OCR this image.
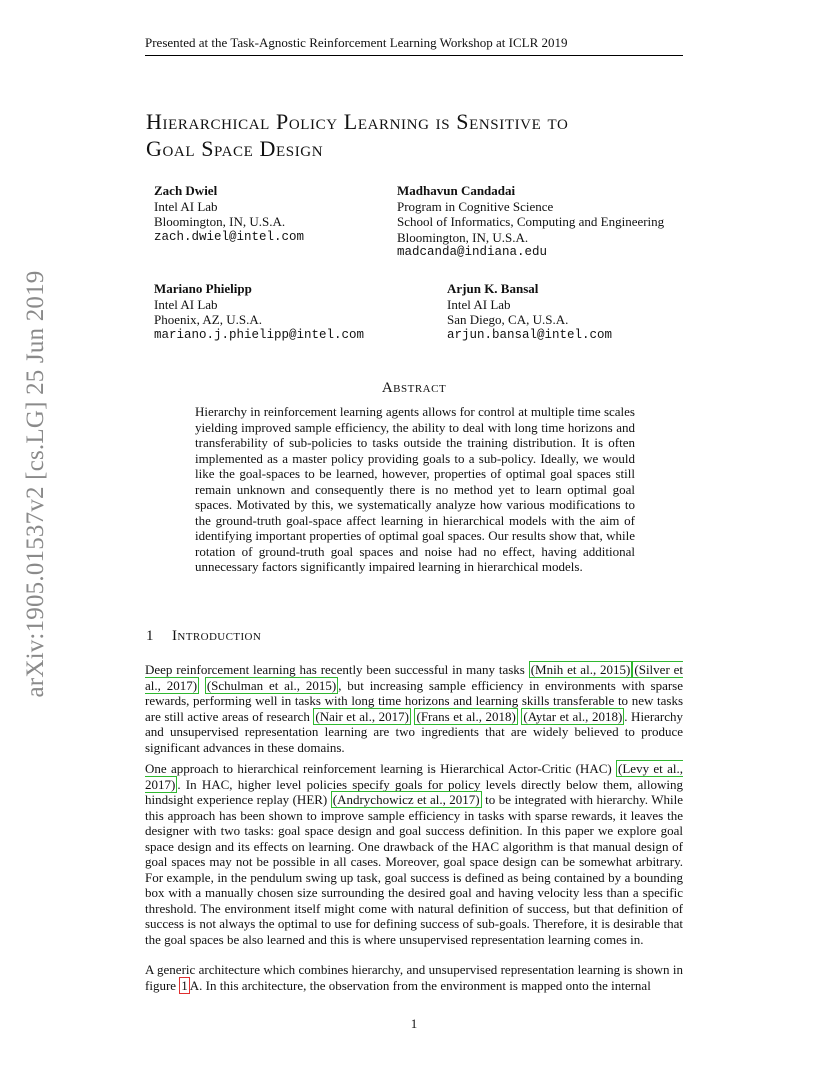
Presented at the Task-Agnostic Reinforcement Learning Workshop at ICLR 2019
arXiv:1905.01537v2 [cs.LG] 25 Jun 2019
Hierarchical Policy Learning is Sensitive to
Goal Space Design
Zach Dwiel
Intel AI Lab
Bloomington, IN, U.S.A.
zach.dwiel@intel.com
Madhavun Candadai
Program in Cognitive Science
School of Informatics, Computing and Engineering
Bloomington, IN, U.S.A.
madcanda@indiana.edu
Mariano Phielipp
Intel AI Lab
Phoenix, AZ, U.S.A.
mariano.j.phielipp@intel.com
Arjun K. Bansal
Intel AI Lab
San Diego, CA, U.S.A.
arjun.bansal@intel.com
Abstract
Hierarchy in reinforcement learning agents allows for control at multiple time scales yielding improved sample efficiency, the ability to deal with long time horizons and transferability of sub-policies to tasks outside the training distribution. It is often implemented as a master policy providing goals to a sub-policy. Ideally, we would like the goal-spaces to be learned, however, properties of optimal goal spaces still remain unknown and consequently there is no method yet to learn optimal goal spaces. Motivated by this, we systematically analyze how various modifications to the ground-truth goal-space affect learning in hierarchical models with the aim of identifying important properties of optimal goal spaces. Our results show that, while rotation of ground-truth goal spaces and noise had no effect, having additional unnecessary factors significantly impaired learning in hierarchical models.
1 Introduction
Deep reinforcement learning has recently been successful in many tasks (Mnih et al., 2015) (Silver et al., 2017) (Schulman et al., 2015) , but increasing sample efficiency in environments with sparse rewards, performing well in tasks with long time horizons and learning skills transferable to new tasks are still active areas of research (Nair et al., 2017) (Frans et al., 2018) (Aytar et al., 2018) . Hierarchy and unsupervised representation learning are two ingredients that are widely believed to produce significant advances in these domains.
One approach to hierarchical reinforcement learning is Hierarchical Actor-Critic (HAC) (Levy et al., 2017) . In HAC, higher level policies specify goals for policy levels directly below them, allowing hindsight experience replay (HER) (Andrychowicz et al., 2017) to be integrated with hierarchy. While this approach has been shown to improve sample efficiency in tasks with sparse rewards, it leaves the designer with two tasks: goal space design and goal success definition. In this paper we explore goal space design and its effects on learning. One drawback of the HAC algorithm is that manual design of goal spaces may not be possible in all cases. Moreover, goal space design can be somewhat arbitrary. For example, in the pendulum swing up task, goal success is defined as being contained by a bounding box with a manually chosen size surrounding the desired goal and having velocity less than a specific threshold. The environment itself might come with natural definition of success, but that definition of success is not always the optimal to use for defining success of sub-goals. Therefore, it is desirable that the goal spaces be also learned and this is where unsupervised representation learning comes in.
A generic architecture which combines hierarchy, and unsupervised representation learning is shown in figure 1 A. In this architecture, the observation from the environment is mapped onto the internal
1
